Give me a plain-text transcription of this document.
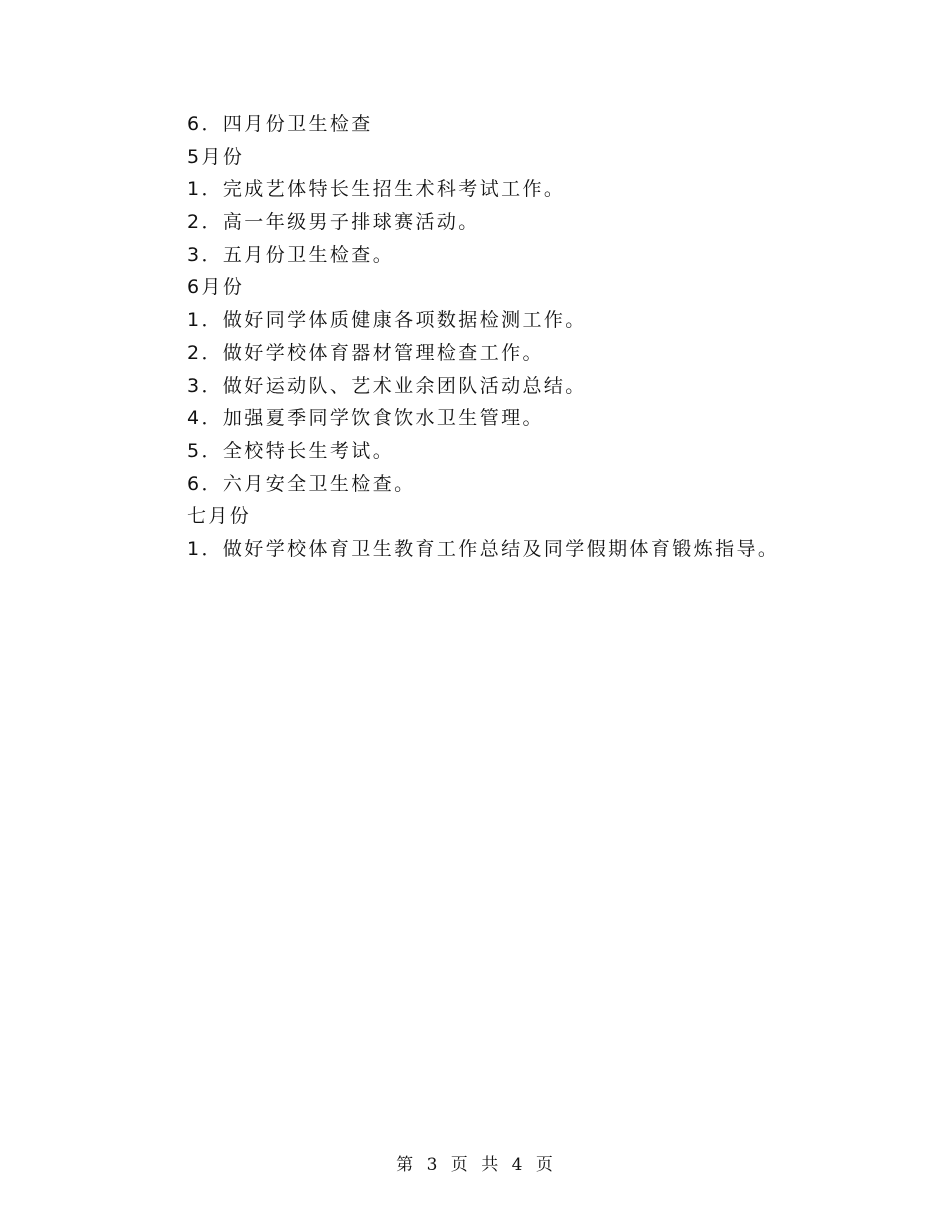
6．四月份卫生检查
5月份
1．完成艺体特长生招生术科考试工作。
2．高一年级男子排球赛活动。
3．五月份卫生检查。
6月份
1．做好同学体质健康各项数据检测工作。
2．做好学校体育器材管理检查工作。
3．做好运动队、艺术业余团队活动总结。
4．加强夏季同学饮食饮水卫生管理。
5．全校特长生考试。
6．六月安全卫生检查。
七月份
1．做好学校体育卫生教育工作总结及同学假期体育锻炼指导。
第 3 页 共 4 页
